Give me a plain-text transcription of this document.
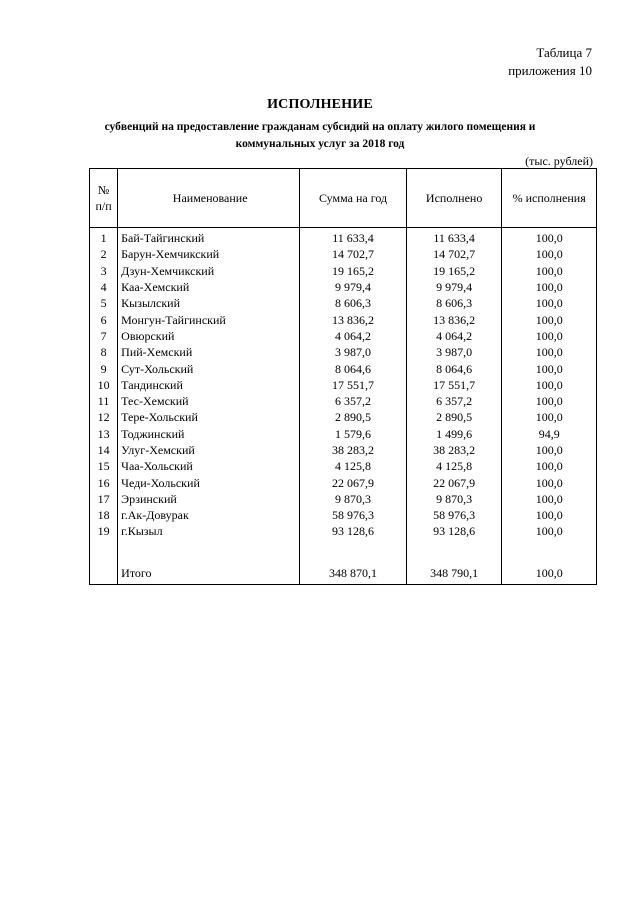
Таблица 7
приложения 10
ИСПОЛНЕНИЕ
субвенций на предоставление гражданам субсидий на оплату жилого помещения и
коммунальных услуг за 2018 год
(тыс. рублей)
№
п/п	Наименование	Сумма на год	Исполнено	% исполнения
1	Бай-Тайгинский	11 633,4	11 633,4	100,0
2	Барун-Хемчикский	14 702,7	14 702,7	100,0
3	Дзун-Хемчикский	19 165,2	19 165,2	100,0
4	Каа-Хемский	9 979,4	9 979,4	100,0
5	Кызылский	8 606,3	8 606,3	100,0
6	Монгун-Тайгинский	13 836,2	13 836,2	100,0
7	Овюрский	4 064,2	4 064,2	100,0
8	Пий-Хемский	3 987,0	3 987,0	100,0
9	Сут-Хольский	8 064,6	8 064,6	100,0
10	Тандинский	17 551,7	17 551,7	100,0
11	Тес-Хемский	6 357,2	6 357,2	100,0
12	Тере-Хольский	2 890,5	2 890,5	100,0
13	Тоджинский	1 579,6	1 499,6	94,9
14	Улуг-Хемский	38 283,2	38 283,2	100,0
15	Чаа-Хольский	4 125,8	4 125,8	100,0
16	Чеди-Хольский	22 067,9	22 067,9	100,0
17	Эрзинский	9 870,3	9 870,3	100,0
18	г.Ак-Довурак	58 976,3	58 976,3	100,0
19	г.Кызыл	93 128,6	93 128,6	100,0

	Итого	348 870,1	348 790,1	100,0
